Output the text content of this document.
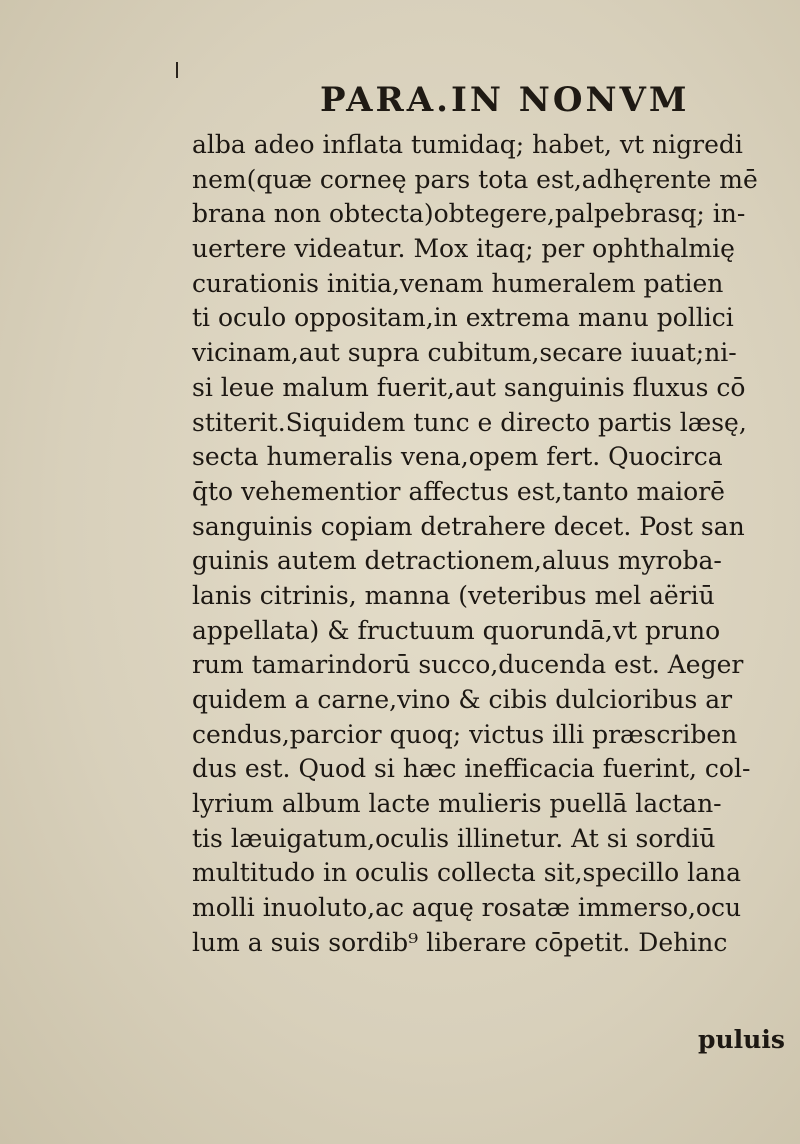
PARA.IN NONVM
alba adeo inflata tumidaq; habet, vt nigredi
nem(quæ corneę pars tota est,adhęrente mē
brana non obtecta)obtegere,palpebrasq; in-
uertere videatur. Mox itaq; per ophthalmię
curationis initia,venam humeralem patien
ti oculo oppositam,in extrema manu pollici
vicinam,aut supra cubitum,secare iuuat;ni-
si leue malum fuerit,aut sanguinis fluxus cō
stiterit.Siquidem tunc e directo partis læsę,
secta humeralis vena,opem fert. Quocirca
q̄to vehementior affectus est,tanto maiorē
sanguinis copiam detrahere decet. Post san
guinis autem detractionem,aluus myroba-
lanis citrinis, manna (veteribus mel aëriū
appellata) & fructuum quorundā,vt pruno
rum tamarindorū succo,ducenda est. Aeger
quidem a carne,vino & cibis dulcioribus ar
cendus,parcior quoq; victus illi præscriben
dus est. Quod si hæc inefficacia fuerint, col-
lyrium album lacte mulieris puellā lactan-
tis læuigatum,oculis illinetur. At si sordiū
multitudo in oculis collecta sit,specillo lana
molli inuoluto,ac aquę rosatæ immerso,ocu
lum a suis sordib⁹ liberare cōpetit. Dehinc
puluis
